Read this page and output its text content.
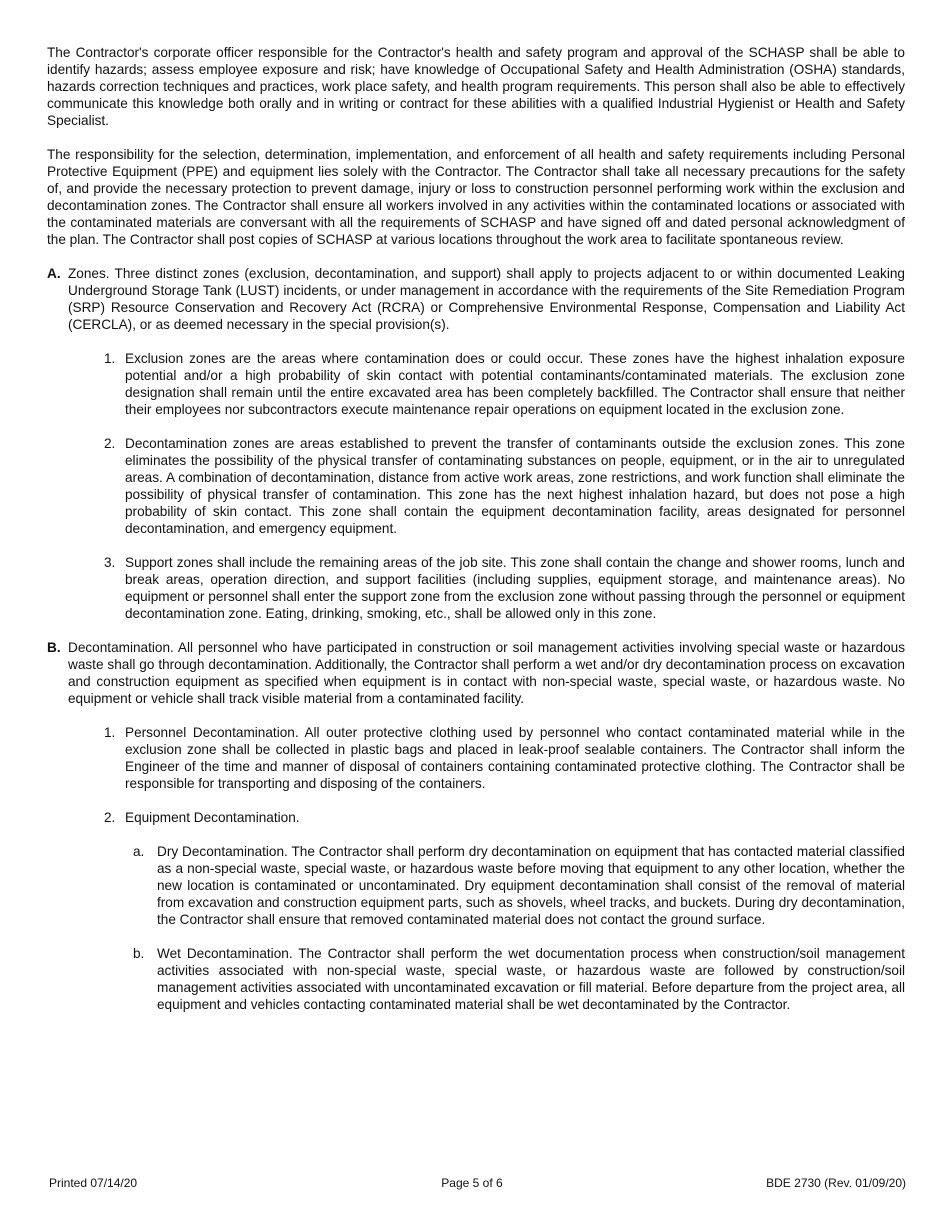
The Contractor's corporate officer responsible for the Contractor's health and safety program and approval of the SCHASP shall be able to identify hazards; assess employee exposure and risk; have knowledge of Occupational Safety and Health Administration (OSHA) standards, hazards correction techniques and practices, work place safety, and health program requirements. This person shall also be able to effectively communicate this knowledge both orally and in writing or contract for these abilities with a qualified Industrial Hygienist or Health and Safety Specialist.

The responsibility for the selection, determination, implementation, and enforcement of all health and safety requirements including Personal Protective Equipment (PPE) and equipment lies solely with the Contractor. The Contractor shall take all necessary precautions for the safety of, and provide the necessary protection to prevent damage, injury or loss to construction personnel performing work within the exclusion and decontamination zones. The Contractor shall ensure all workers involved in any activities within the contaminated locations or associated with the contaminated materials are conversant with all the requirements of SCHASP and have signed off and dated personal acknowledgment of the plan. The Contractor shall post copies of SCHASP at various locations throughout the work area to facilitate spontaneous review.

A. Zones. Three distinct zones (exclusion, decontamination, and support) shall apply to projects adjacent to or within documented Leaking Underground Storage Tank (LUST) incidents, or under management in accordance with the requirements of the Site Remediation Program (SRP) Resource Conservation and Recovery Act (RCRA) or Comprehensive Environmental Response, Compensation and Liability Act (CERCLA), or as deemed necessary in the special provision(s).
1. Exclusion zones are the areas where contamination does or could occur. These zones have the highest inhalation exposure potential and/or a high probability of skin contact with potential contaminants/contaminated materials. The exclusion zone designation shall remain until the entire excavated area has been completely backfilled. The Contractor shall ensure that neither their employees nor subcontractors execute maintenance repair operations on equipment located in the exclusion zone.
2. Decontamination zones are areas established to prevent the transfer of contaminants outside the exclusion zones. This zone eliminates the possibility of the physical transfer of contaminating substances on people, equipment, or in the air to unregulated areas. A combination of decontamination, distance from active work areas, zone restrictions, and work function shall eliminate the possibility of physical transfer of contamination. This zone has the next highest inhalation hazard, but does not pose a high probability of skin contact. This zone shall contain the equipment decontamination facility, areas designated for personnel decontamination, and emergency equipment.
3. Support zones shall include the remaining areas of the job site. This zone shall contain the change and shower rooms, lunch and break areas, operation direction, and support facilities (including supplies, equipment storage, and maintenance areas). No equipment or personnel shall enter the support zone from the exclusion zone without passing through the personnel or equipment decontamination zone. Eating, drinking, smoking, etc., shall be allowed only in this zone.
B. Decontamination. All personnel who have participated in construction or soil management activities involving special waste or hazardous waste shall go through decontamination. Additionally, the Contractor shall perform a wet and/or dry decontamination process on excavation and construction equipment as specified when equipment is in contact with non-special waste, special waste, or hazardous waste. No equipment or vehicle shall track visible material from a contaminated facility.
1. Personnel Decontamination. All outer protective clothing used by personnel who contact contaminated material while in the exclusion zone shall be collected in plastic bags and placed in leak-proof sealable containers. The Contractor shall inform the Engineer of the time and manner of disposal of containers containing contaminated protective clothing. The Contractor shall be responsible for transporting and disposing of the containers.
2. Equipment Decontamination.
a. Dry Decontamination. The Contractor shall perform dry decontamination on equipment that has contacted material classified as a non-special waste, special waste, or hazardous waste before moving that equipment to any other location, whether the new location is contaminated or uncontaminated. Dry equipment decontamination shall consist of the removal of material from excavation and construction equipment parts, such as shovels, wheel tracks, and buckets. During dry decontamination, the Contractor shall ensure that removed contaminated material does not contact the ground surface.
b. Wet Decontamination. The Contractor shall perform the wet documentation process when construction/soil management activities associated with non-special waste, special waste, or hazardous waste are followed by construction/soil management activities associated with uncontaminated excavation or fill material. Before departure from the project area, all equipment and vehicles contacting contaminated material shall be wet decontaminated by the Contractor.
Printed 07/14/20	Page 5 of 6	BDE 2730 (Rev. 01/09/20)
